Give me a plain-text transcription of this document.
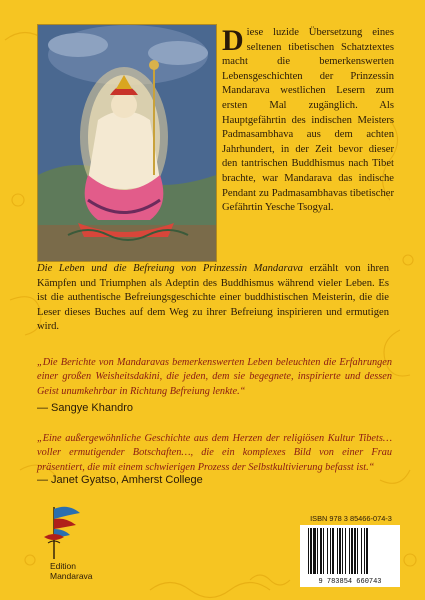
Diese luzide Übersetzung eines seltenen tibetischen Schatztextes macht die bemerkenswerten Lebensgeschichten der Prinzessin Mandarava westlichen Lesern zum ersten Mal zugänglich. Als Hauptgefährtin des indischen Meisters Padmasambhava aus dem achten Jahrhundert, in der Zeit bevor dieser den tantrischen Buddhismus nach Tibet brachte, war Mandarava das indische Pendant zu Padmasambhavas tibetischer Gefährtin Yesche Tsogyal.
Die Leben und die Befreiung von Prinzessin Mandarava erzählt von ihren Kämpfen und Triumphen als Adeptin des Buddhismus während vieler Leben. Es ist die authentische Befreiungsgeschichte einer buddhistischen Meisterin, die die Leser dieses Buches auf dem Weg zu ihrer Befreiung inspirieren und ermutigen wird.
„Die Berichte von Mandaravas bemerkenswerten Leben beleuchten die Erfahrungen einer großen Weisheitsdakini, die jeden, dem sie begegnete, inspirierte und dessen Geist unumkehrbar in Richtung Befreiung lenkte.“
— Sangye Khandro
„Eine außergewöhnliche Geschichte aus dem Herzen der religiösen Kultur Tibets… voller ermutigender Botschaften…, die ein komplexes Bild von einer Frau präsentiert, die mit einem schwierigen Prozess der Selbstkultivierung befasst ist.“
— Janet Gyatso, Amherst College
Edition
Mandarava
ISBN 978 3 85466-074-3
9 783854 660743
